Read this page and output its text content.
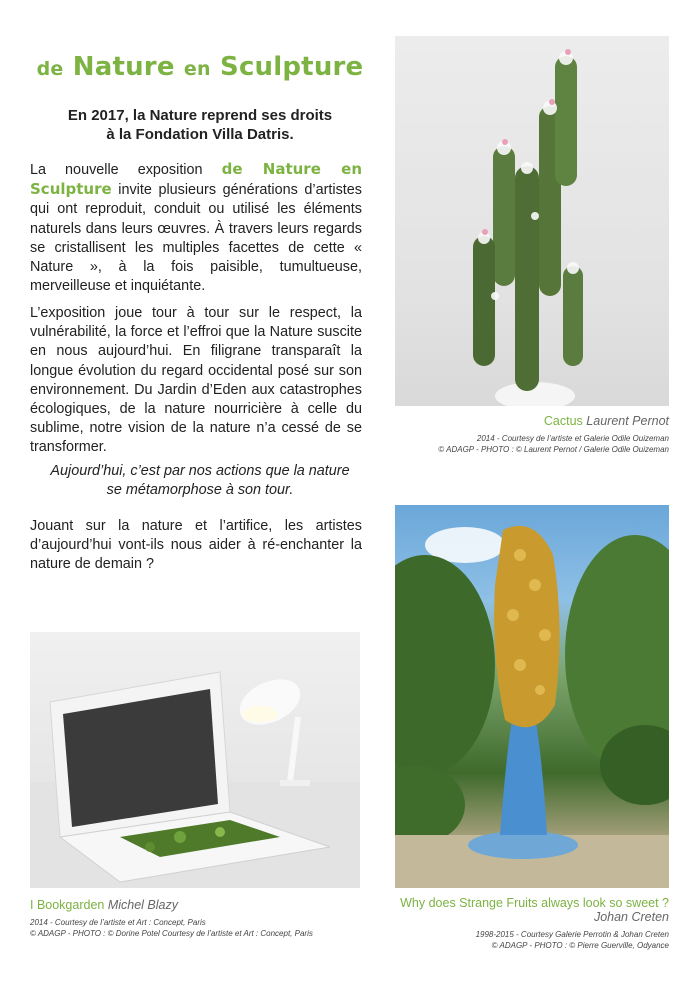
de Nature en Sculpture
En 2017, la Nature reprend ses droits
à la Fondation Villa Datris.
La nouvelle exposition de Nature en Sculpture invite plusieurs générations d’artistes qui ont reproduit, conduit ou utilisé les éléments naturels dans leurs œuvres. À travers leurs regards se cristallisent les multiples facettes de cette « Nature », à la fois paisible, tumultueuse, merveilleuse et inquiétante.
L’exposition joue tour à tour sur le respect, la vulnérabilité, la force et l’effroi que la Nature suscite en nous aujourd’hui. En filigrane transparaît la longue évolution du regard occidental posé sur son environnement. Du Jardin d’Eden aux catastrophes écologiques, de la nature nourricière à celle du sublime, notre vision de la nature n’a cessé de se transformer.
Aujourd’hui, c’est par nos actions que la nature
se métamorphose à son tour.
Jouant sur la nature et l’artifice, les artistes d’aujourd’hui vont-ils nous aider à ré-enchanter la nature de demain ?
Cactus Laurent Pernot
2014 - Courtesy de l’artiste et Galerie Odile Ouizeman
© ADAGP - PHOTO : © Laurent Pernot / Galerie Odile Ouizeman
I Bookgarden Michel Blazy
2014 - Courtesy de l’artiste et Art : Concept, Paris
© ADAGP - PHOTO : © Dorine Potel Courtesy de l’artiste et Art : Concept, Paris
Why does Strange Fruits always look so sweet ?
Johan Creten
1998-2015 - Courtesy Galerie Perrotin & Johan Creten
© ADAGP - PHOTO : © Pierre Guerville, Odyance
